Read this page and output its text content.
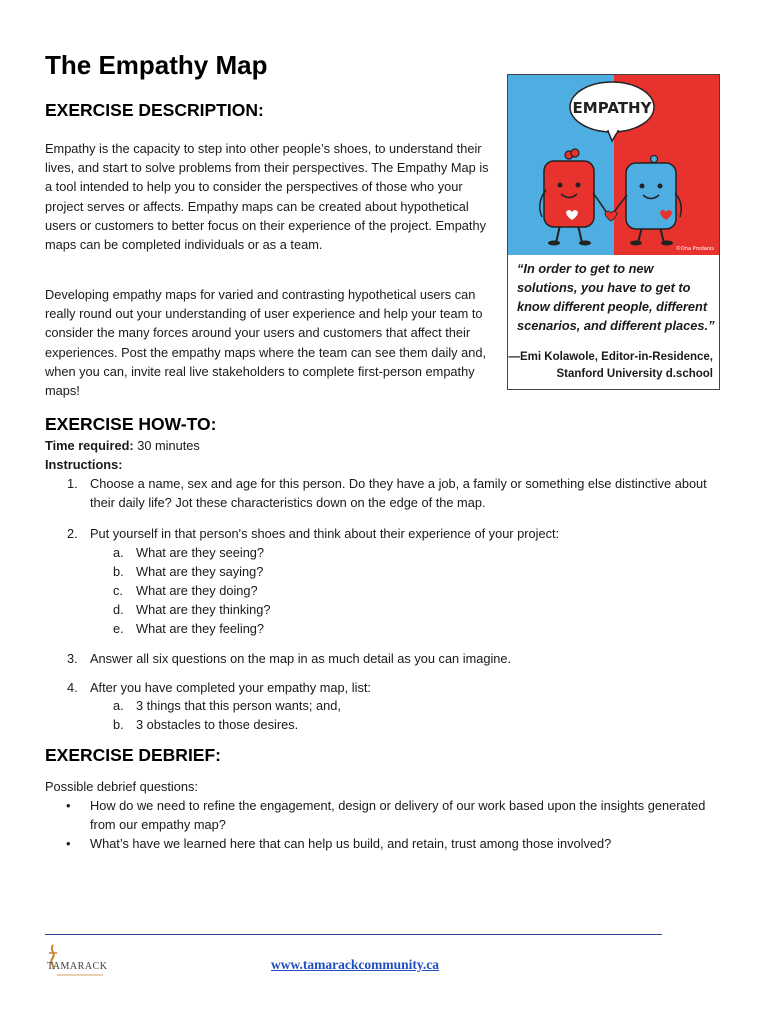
The Empathy Map
EXERCISE DESCRIPTION:

Empathy is the capacity to step into other people’s shoes, to understand their lives, and start to solve problems from their perspectives. The Empathy Map is a tool intended to help you to consider the perspectives of those who your project serves or affects. Empathy maps can be created about hypothetical users or customers to better focus on their experience of the project. Empathy maps can be completed individuals or as a team.

Developing empathy maps for varied and contrasting hypothetical users can really round out your understanding of user experience and help your team to consider the many forces around your users and customers that affect their experiences. Post the empathy maps where the team can see them daily and, when you can, invite real live stakeholders to complete first-person empathy maps!

EMPATHY
©Ona Prodanis
“In order to get to new solutions, you have to get to know different people, different scenarios, and different places.”
—Emi Kolawole, Editor-in-Residence,
Stanford University d.school
EXERCISE HOW-TO:
Time required: 30 minutes
Instructions:
1. Choose a name, sex and age for this person. Do they have a job, a family or something else distinctive about their daily life? Jot these characteristics down on the edge of the map.
2. Put yourself in that person's shoes and think about their experience of your project:
a. What are they seeing?
b. What are they saying?
c. What are they doing?
d. What are they thinking?
e. What are they feeling?
3. Answer all six questions on the map in as much detail as you can imagine.
4. After you have completed your empathy map, list:
a. 3 things that this person wants; and,
b. 3 obstacles to those desires.
EXERCISE DEBRIEF:
Possible debrief questions:
• How do we need to refine the engagement, design or delivery of our work based upon the insights generated from our empathy map?
• What’s have we learned here that can help us build, and retain, trust among those involved?
TAMARACK	www.tamarackcommunity.ca
